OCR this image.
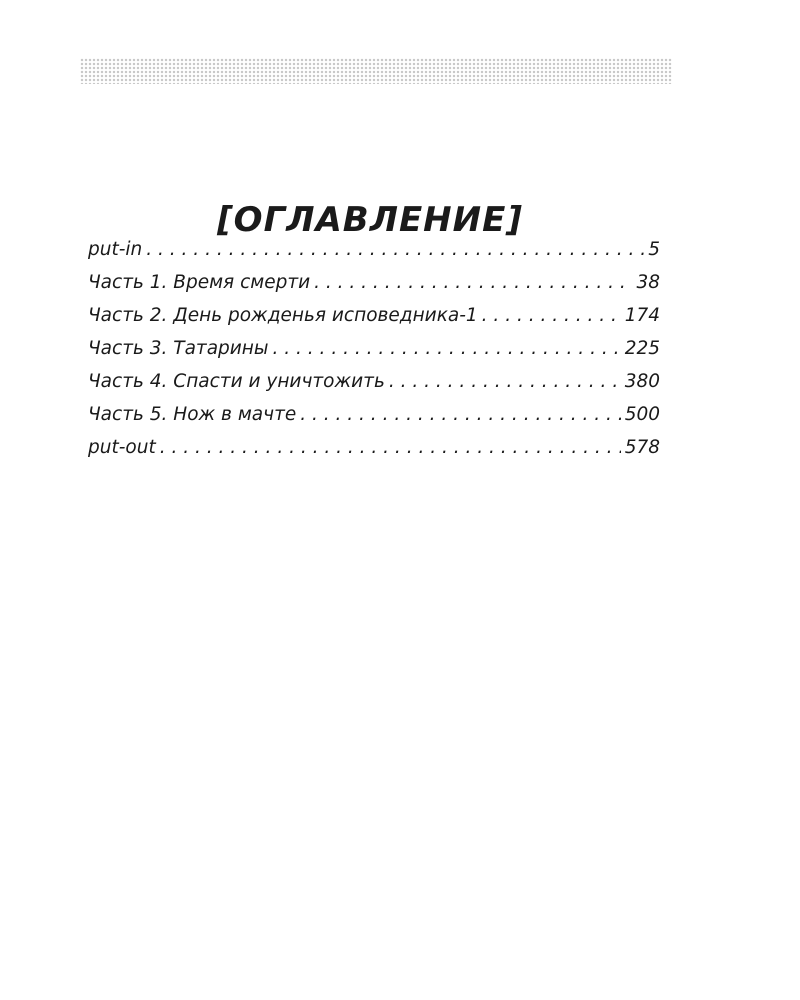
[ОГЛАВЛЕНИЕ]
put-in . . .	5
Часть 1. Время смерти . . .	38
Часть 2. День рожденья исповедника-1 . . .	174
Часть 3. Татарины . . .	225
Часть 4. Спасти и уничтожить . . .	380
Часть 5. Нож в мачте . . .	500
put-out . . .	578
